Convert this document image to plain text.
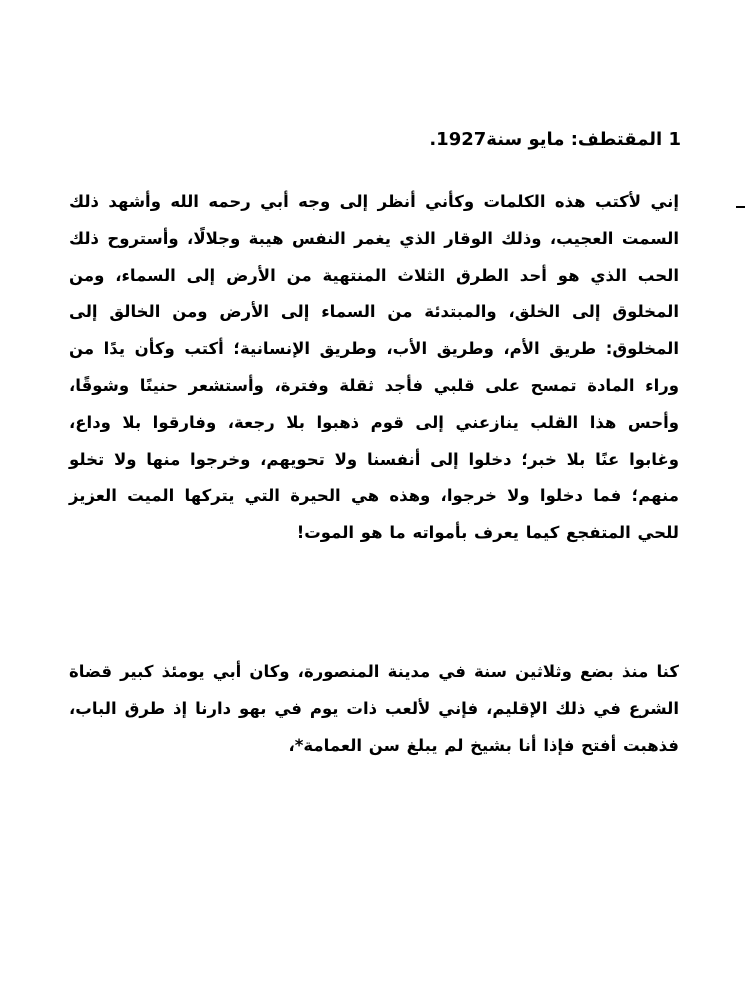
1 المقتطف: مايو سنة1927.

إني لأكتب هذه الكلمات وكأني أنظر إلى وجه أبي رحمه الله وأشهد ذلك السمت العجيب، وذلك الوقار الذي يغمر النفس هيبة وجلالًا، وأستروح ذلك الحب الذي هو أحد الطرق الثلاث المنتهية من الأرض إلى السماء، ومن المخلوق إلى الخلق، والمبتدئة من السماء إلى الأرض ومن الخالق إلى المخلوق: طريق الأم، وطريق الأب، وطريق الإنسانية؛ أكتب وكأن يدًا من وراء المادة تمسح على قلبي فأجد ثقلة وفترة، وأستشعر حنينًا وشوقًا، وأحس هذا القلب ينازعني إلى قوم ذهبوا بلا رجعة، وفارقوا بلا وداع، وغابوا عنًا بلا خبر؛ دخلوا إلى أنفسنا ولا تحويهم، وخرجوا منها ولا تخلو منهم؛ فما دخلوا ولا خرجوا، وهذه هي الحيرة التي يتركها الميت العزيز للحي المتفجع كيما يعرف بأمواته ما هو الموت!

كنا منذ بضع وثلاثين سنة في مدينة المنصورة، وكان أبي يومئذ كبير قضاة الشرع في ذلك الإقليم، فإني لألعب ذات يوم في بهو دارنا إذ طرق الباب، فذهبت أفتح فإذا أنا بشيخ لم يبلغ سن العمامة*،
